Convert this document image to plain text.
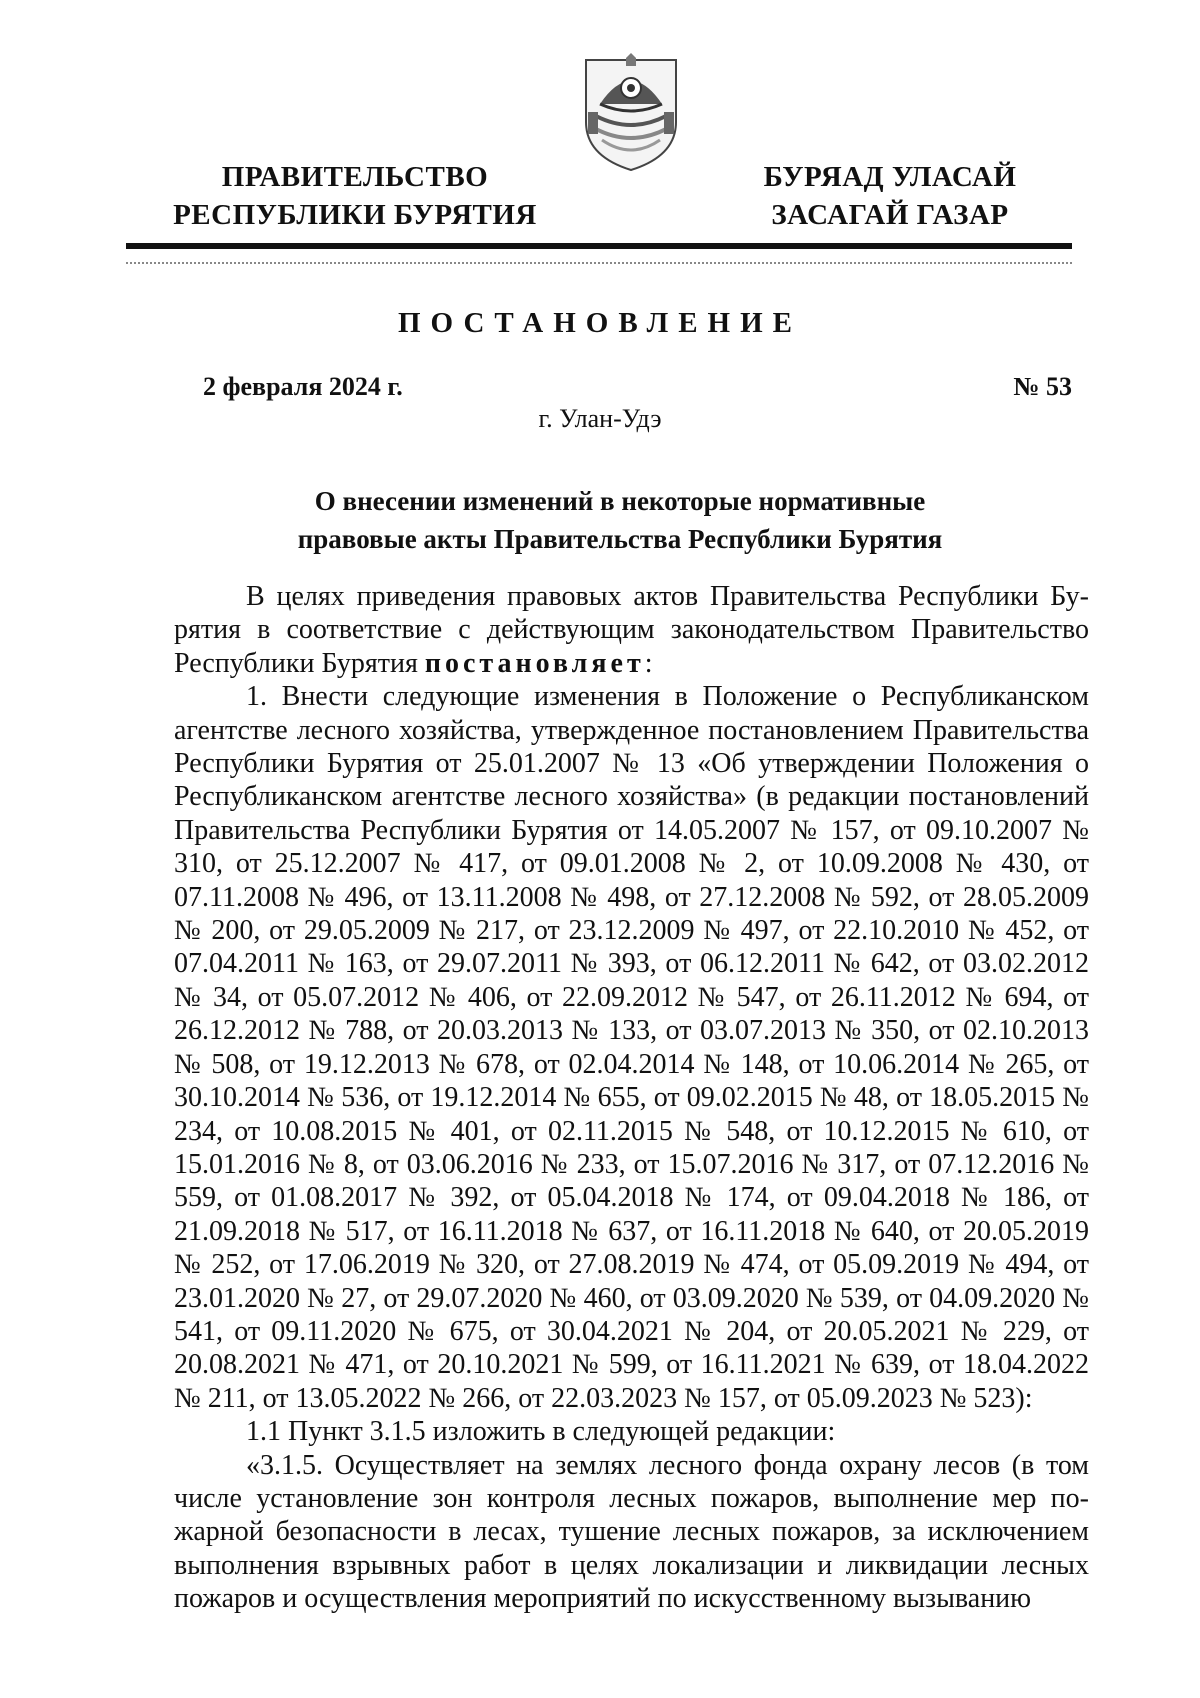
ПРАВИТЕЛЬСТВО
РЕСПУБЛИКИ БУРЯТИЯ
БУРЯАД УЛАСАЙ
ЗАСАГАЙ ГАЗАР
ПОСТАНОВЛЕНИЕ
2 февраля 2024 г.	№ 53
г. Улан-Удэ
О внесении изменений в некоторые нормативные
правовые акты Правительства Республики Бурятия

В целях приведения правовых актов Правительства Республики Бурятия в соответствие с действующим законодательством Правительство Республики Бурятия постановляет:

1. Внести следующие изменения в Положение о Республиканском агентстве лесного хозяйства, утвержденное постановлением Правительства Республики Бурятия от 25.01.2007 № 13 «Об утверждении Положения о Республиканском агентстве лесного хозяйства» (в редакции постановлений Правительства Республики Бурятия от 14.05.2007 № 157, от 09.10.2007 № 310, от 25.12.2007 № 417, от 09.01.2008 № 2, от 10.09.2008 № 430, от 07.11.2008 № 496, от 13.11.2008 № 498, от 27.12.2008 № 592, от 28.05.2009 № 200, от 29.05.2009 № 217, от 23.12.2009 № 497, от 22.10.2010 № 452, от 07.04.2011 № 163, от 29.07.2011 № 393, от 06.12.2011 № 642, от 03.02.2012 № 34, от 05.07.2012 № 406, от 22.09.2012 № 547, от 26.11.2012 № 694, от 26.12.2012 № 788, от 20.03.2013 № 133, от 03.07.2013 № 350, от 02.10.2013 № 508, от 19.12.2013 № 678, от 02.04.2014 № 148, от 10.06.2014 № 265, от 30.10.2014 № 536, от 19.12.2014 № 655, от 09.02.2015 № 48, от 18.05.2015 № 234, от 10.08.2015 № 401, от 02.11.2015 № 548, от 10.12.2015 № 610, от 15.01.2016 № 8, от 03.06.2016 № 233, от 15.07.2016 № 317, от 07.12.2016 № 559, от 01.08.2017 № 392, от 05.04.2018 № 174, от 09.04.2018 № 186, от 21.09.2018 № 517, от 16.11.2018 № 637, от 16.11.2018 № 640, от 20.05.2019 № 252, от 17.06.2019 № 320, от 27.08.2019 № 474, от 05.09.2019 № 494, от 23.01.2020 № 27, от 29.07.2020 № 460, от 03.09.2020 № 539, от 04.09.2020 № 541, от 09.11.2020 № 675, от 30.04.2021 № 204, от 20.05.2021 № 229, от 20.08.2021 № 471, от 20.10.2021 № 599, от 16.11.2021 № 639, от 18.04.2022 № 211, от 13.05.2022 № 266, от 22.03.2023 № 157, от 05.09.2023 № 523):

1.1 Пункт 3.1.5 изложить в следующей редакции:

«3.1.5. Осуществляет на землях лесного фонда охрану лесов (в том числе установление зон контроля лесных пожаров, выполнение мер пожарной безопасности в лесах, тушение лесных пожаров, за исключением выполнения взрывных работ в целях локализации и ликвидации лесных пожаров и осуществления мероприятий по искусственному вызыванию
